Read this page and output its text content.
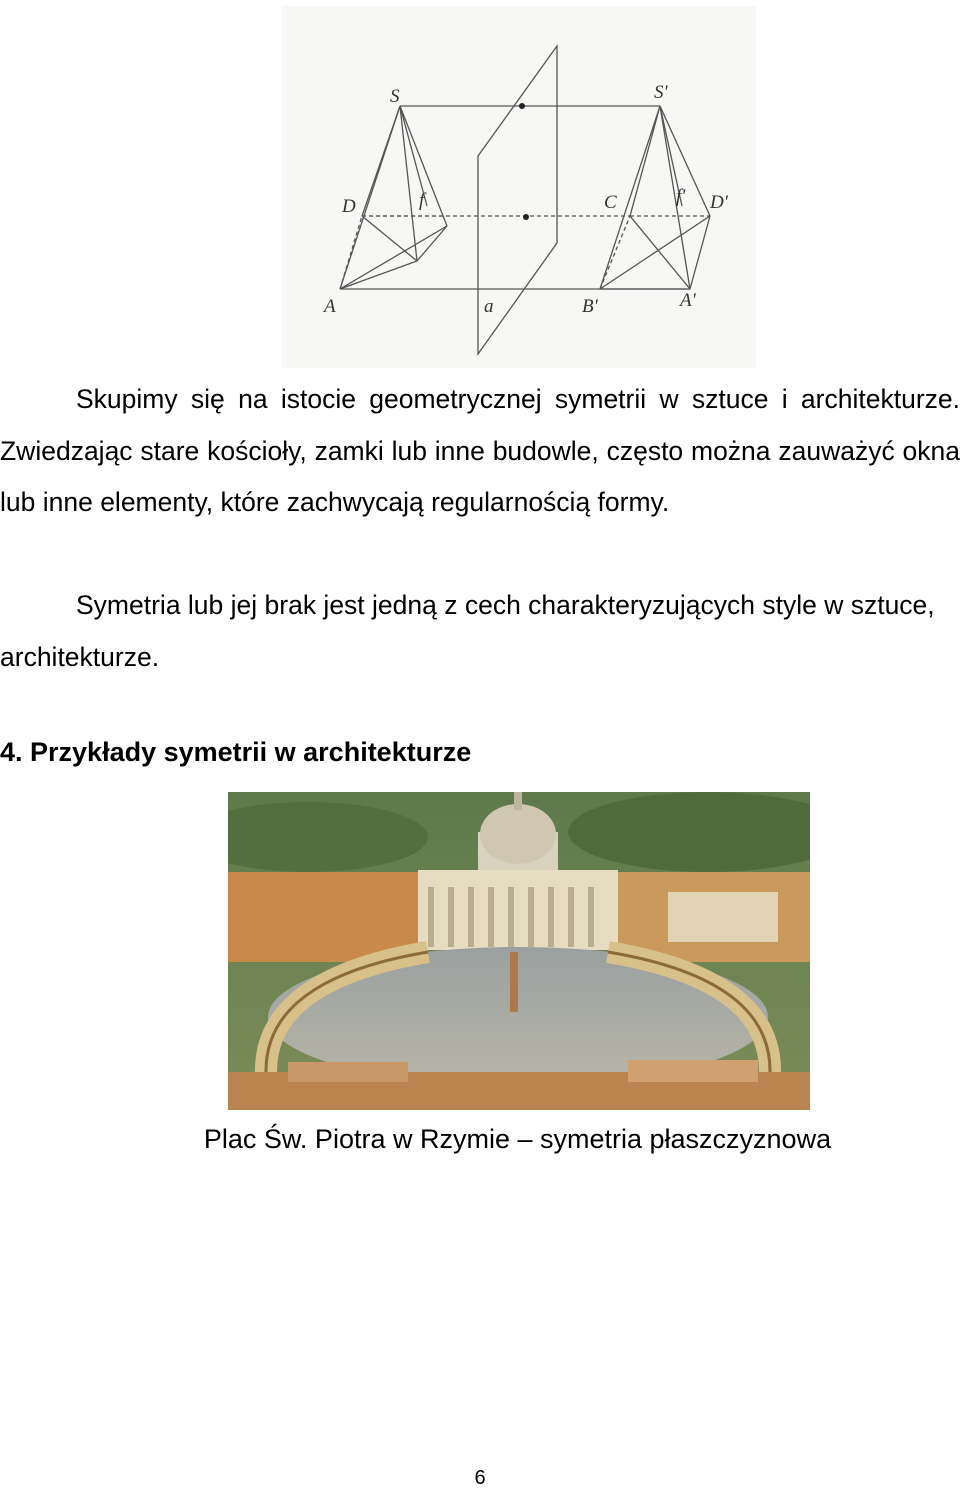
S	S'
D	f	C	f' D'
A	a	B'	A'

Skupimy się na istocie geometrycznej symetrii w sztuce i architekturze. Zwiedzając stare kościoły, zamki lub inne budowle, często można zauważyć okna lub inne elementy, które zachwycają regularnością formy.

Symetria lub jej brak jest jedną z cech charakteryzujących style w sztuce, architekturze.

4. Przykłady symetrii w architekturze

Plac Św. Piotra w Rzymie – symetria płaszczyznowa

6
